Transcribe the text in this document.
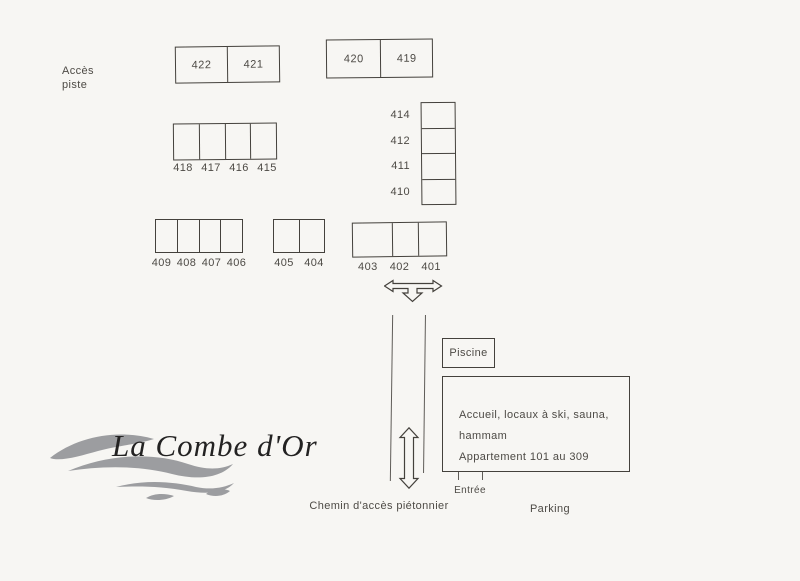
Accès
piste
422	421	420	419
414
412
411
410
418 417 416 415
409 408 407 406	405 404	403	402	401
Piscine
Accueil, locaux à ski, sauna, hammam
Appartement 101 au 309
Entrée
Parking
Chemin d'accès piétonnier
La Combe d'Or
